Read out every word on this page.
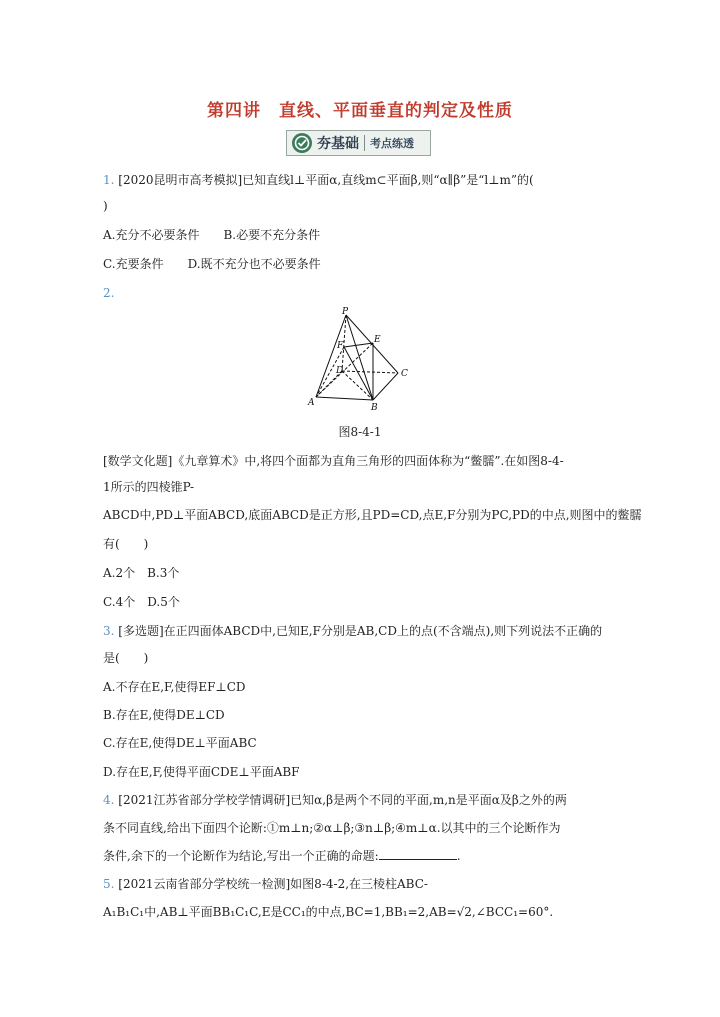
第四讲　直线、平面垂直的判定及性质
夯基础 考点练透
1. [2020昆明市高考模拟]已知直线l⊥平面α,直线m⊂平面β,则“α∥β”是“l⊥m”的(
)
A.充分不必要条件　　B.必要不充分条件
C.充要条件　　D.既不充分也不必要条件
2.
P
A	B
C
D
E
F
图8-4-1
[数学文化题]《九章算术》中,将四个面都为直角三角形的四面体称为“鳖臑”.在如图8-4-
1所示的四棱锥P-
ABCD中,PD⊥平面ABCD,底面ABCD是正方形,且PD=CD,点E,F分别为PC,PD的中点,则图中的鳖臑
有(　　)
A.2个　B.3个
C.4个　D.5个
3. [多选题]在正四面体ABCD中,已知E,F分别是AB,CD上的点(不含端点),则下列说法不正确的
是(　　)
A.不存在E,F,使得EF⊥CD
B.存在E,使得DE⊥CD
C.存在E,使得DE⊥平面ABC
D.存在E,F,使得平面CDE⊥平面ABF
4. [2021江苏省部分学校学情调研]已知α,β是两个不同的平面,m,n是平面α及β之外的两
条不同直线,给出下面四个论断:①m⊥n;②α⊥β;③n⊥β;④m⊥α.以其中的三个论断作为
条件,余下的一个论断作为结论,写出一个正确的命题:	.
5. [2021云南省部分学校统一检测]如图8-4-2,在三棱柱ABC-
A₁B₁C₁中,AB⊥平面BB₁C₁C,E是CC₁的中点,BC=1,BB₁=2,AB=√2,∠BCC₁=60°.
